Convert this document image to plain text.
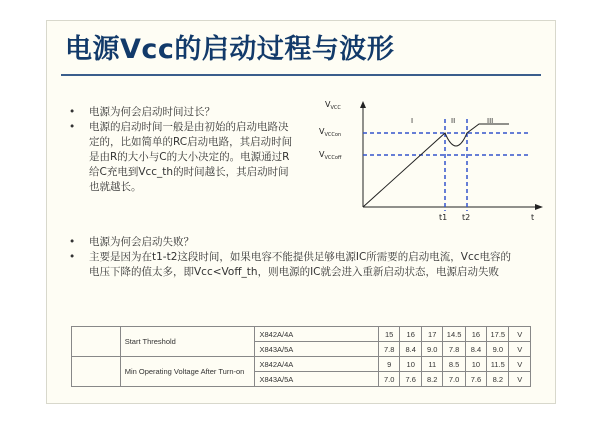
电源Vcc的启动过程与波形
• 电源为何会启动时间过长？
• 电源的启动时间一般是由初始的启动电路决定的，比如简单的RC启动电路，其启动时间是由R的大小与C的大小决定的。电源通过R给C充电到Vcc_th的时间越长，其启动时间也就越长。
$V_{VCC}$
$V_{VCCon}$
$V_{VCCoff}$
I	II	III
t1 t2	t
• 电源为何会启动失败？
• 主要是因为在t1-t2这段时间，如果电容不能提供足够电源IC所需要的启动电流，Vcc电容的电压下降的值太多，即Vcc<Voff_th，则电源的IC就会进入重新启动状态，电源启动失败
	Start Threshold	X842A/4A	15	16	17	14.5	16	17.5	V
		X843A/5A	7.8	8.4	9.0	7.8	8.4	9.0	V
	Min Operating Voltage After Turn-on	X842A/4A	9	10	11	8.5	10	11.5	V
		X843A/5A	7.0	7.6	8.2	7.0	7.6	8.2	V
